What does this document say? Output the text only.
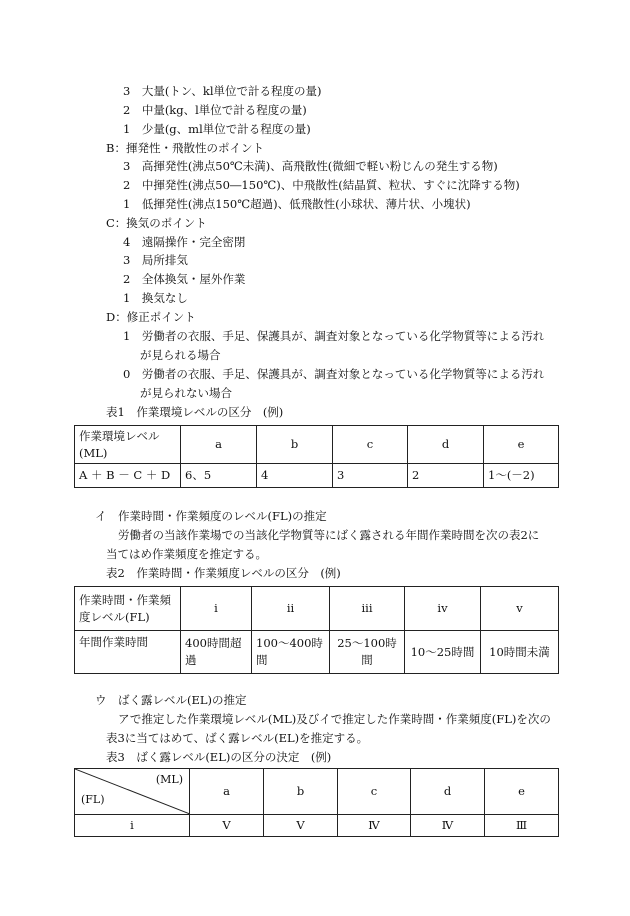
3　大量(トン、kl単位で計る程度の量)
2　中量(kg、l単位で計る程度の量)
1　少量(g、ml単位で計る程度の量)
B：揮発性・飛散性のポイント
3　高揮発性(沸点50℃未満)、高飛散性(微細で軽い粉じんの発生する物)
2　中揮発性(沸点50―150℃)、中飛散性(結晶質、粒状、すぐに沈降する物)
1　低揮発性(沸点150℃超過)、低飛散性(小球状、薄片状、小塊状)
C：換気のポイント
4　遠隔操作・完全密閉
3　局所排気
2　全体換気・屋外作業
1　換気なし
D：修正ポイント
1　労働者の衣服、手足、保護具が、調査対象となっている化学物質等による汚れ
が見られる場合
0　労働者の衣服、手足、保護具が、調査対象となっている化学物質等による汚れ
が見られない場合
表1　作業環境レベルの区分　(例)
作業環境レベル
(ML)	a	b	c	d	e
A ＋ B － C ＋ D	6、5	4	3	2	1～(－2)
イ　作業時間・作業頻度のレベル(FL)の推定
労働者の当該作業場での当該化学物質等にばく露される年間作業時間を次の表2に
当てはめ作業頻度を推定する。
表2　作業時間・作業頻度レベルの区分　(例)
作業時間・作業頻
度レベル(FL)	i	ii	iii	iv	v
年間作業時間	400時間超
過	100～400時
間	25～100時間	10～25時間	10時間未満
ウ　ばく露レベル(EL)の推定
アで推定した作業環境レベル(ML)及びイで推定した作業時間・作業頻度(FL)を次の
表3に当てはめて、ばく露レベル(EL)を推定する。
表3　ばく露レベル(EL)の区分の決定　(例)
(ML)
(FL)	a	b	c	d	e
i	Ⅴ	Ⅴ	Ⅳ	Ⅳ	Ⅲ
